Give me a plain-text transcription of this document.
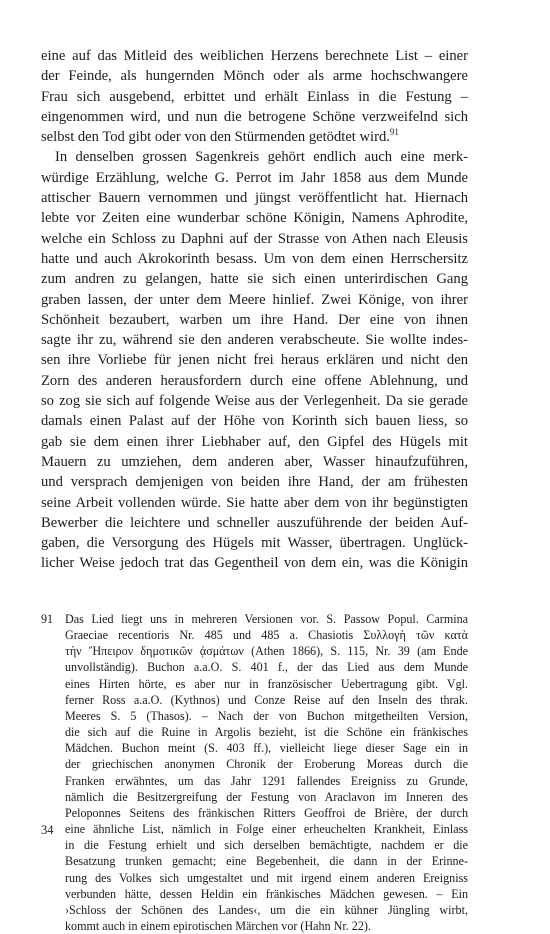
eine auf das Mitleid des weiblichen Herzens berechnete List – einer
der Feinde, als hungernden Mönch oder als arme hochschwangere
Frau sich ausgebend, erbittet und erhält Einlass in die Festung –
eingenommen wird, und nun die betrogene Schöne verzweifelnd sich
selbst den Tod gibt oder von den Stürmenden getödtet wird.$^{91}$
In denselben grossen Sagenkreis gehört endlich auch eine merk-
würdige Erzählung, welche G. Perrot im Jahr 1858 aus dem Munde
attischer Bauern vernommen und jüngst veröffentlicht hat. Hiernach
lebte vor Zeiten eine wunderbar schöne Königin, Namens Aphrodite,
welche ein Schloss zu Daphni auf der Strasse von Athen nach Eleusis
hatte und auch Akrokorinth besass. Um von dem einen Herrschersitz
zum andren zu gelangen, hatte sie sich einen unterirdischen Gang
graben lassen, der unter dem Meere hinlief. Zwei Könige, von ihrer
Schönheit bezaubert, warben um ihre Hand. Der eine von ihnen
sagte ihr zu, während sie den anderen verabscheute. Sie wollte indes-
sen ihre Vorliebe für jenen nicht frei heraus erklären und nicht den
Zorn des anderen herausfordern durch eine offene Ablehnung, und
so zog sie sich auf folgende Weise aus der Verlegenheit. Da sie gerade
damals einen Palast auf der Höhe von Korinth sich bauen liess, so
gab sie dem einen ihrer Liebhaber auf, den Gipfel des Hügels mit
Mauern zu umziehen, dem anderen aber, Wasser hinaufzuführen,
und versprach demjenigen von beiden ihre Hand, der am frühesten
seine Arbeit vollenden würde. Sie hatte aber dem von ihr begünstigten
Bewerber die leichtere und schneller auszuführende der beiden Auf-
gaben, die Versorgung des Hügels mit Wasser, übertragen. Unglück-
licher Weise jedoch trat das Gegentheil von dem ein, was die Königin
91 Das Lied liegt uns in mehreren Versionen vor. S. Passow Popul. Carmina
Graeciae recentioris Nr. 485 und 485 a. Chasiotis Συλλογὴ τῶν κατὰ
τὴν Ἤπειρον δημοτικῶν ᾀσμάτων (Athen 1866), S. 115, Nr. 39 (am Ende
unvollständig). Buchon a.a.O. S. 401 f., der das Lied aus dem Munde
eines Hirten hörte, es aber nur in französischer Uebertragung gibt. Vgl.
ferner Ross a.a.O. (Kythnos) und Conze Reise auf den Inseln des thrak.
Meeres S. 5 (Thasos). – Nach der von Buchon mitgetheilten Version,
die sich auf die Ruine in Argolis bezieht, ist die Schöne ein fränkisches
Mädchen. Buchon meint (S. 403 ff.), vielleicht liege dieser Sage ein in
der griechischen anonymen Chronik der Eroberung Moreas durch die
Franken erwähntes, um das Jahr 1291 fallendes Ereigniss zu Grunde,
nämlich die Besitzergreifung der Festung von Araclavon im Inneren des
Peloponnes Seitens des fränkischen Ritters Geoffroi de Brière, der durch
eine ähnliche List, nämlich in Folge einer erheuchelten Krankheit, Einlass
in die Festung erhielt und sich derselben bemächtigte, nachdem er die
Besatzung trunken gemacht; eine Begebenheit, die dann in der Erinne-
rung des Volkes sich umgestaltet und mit irgend einem anderen Ereigniss
verbunden hätte, dessen Heldin ein fränkisches Mädchen gewesen. – Ein
›Schloss der Schönen des Landes‹, um die ein kühner Jüngling wirbt,
kommt auch in einem epirotischen Märchen vor (Hahn Nr. 22).
34
